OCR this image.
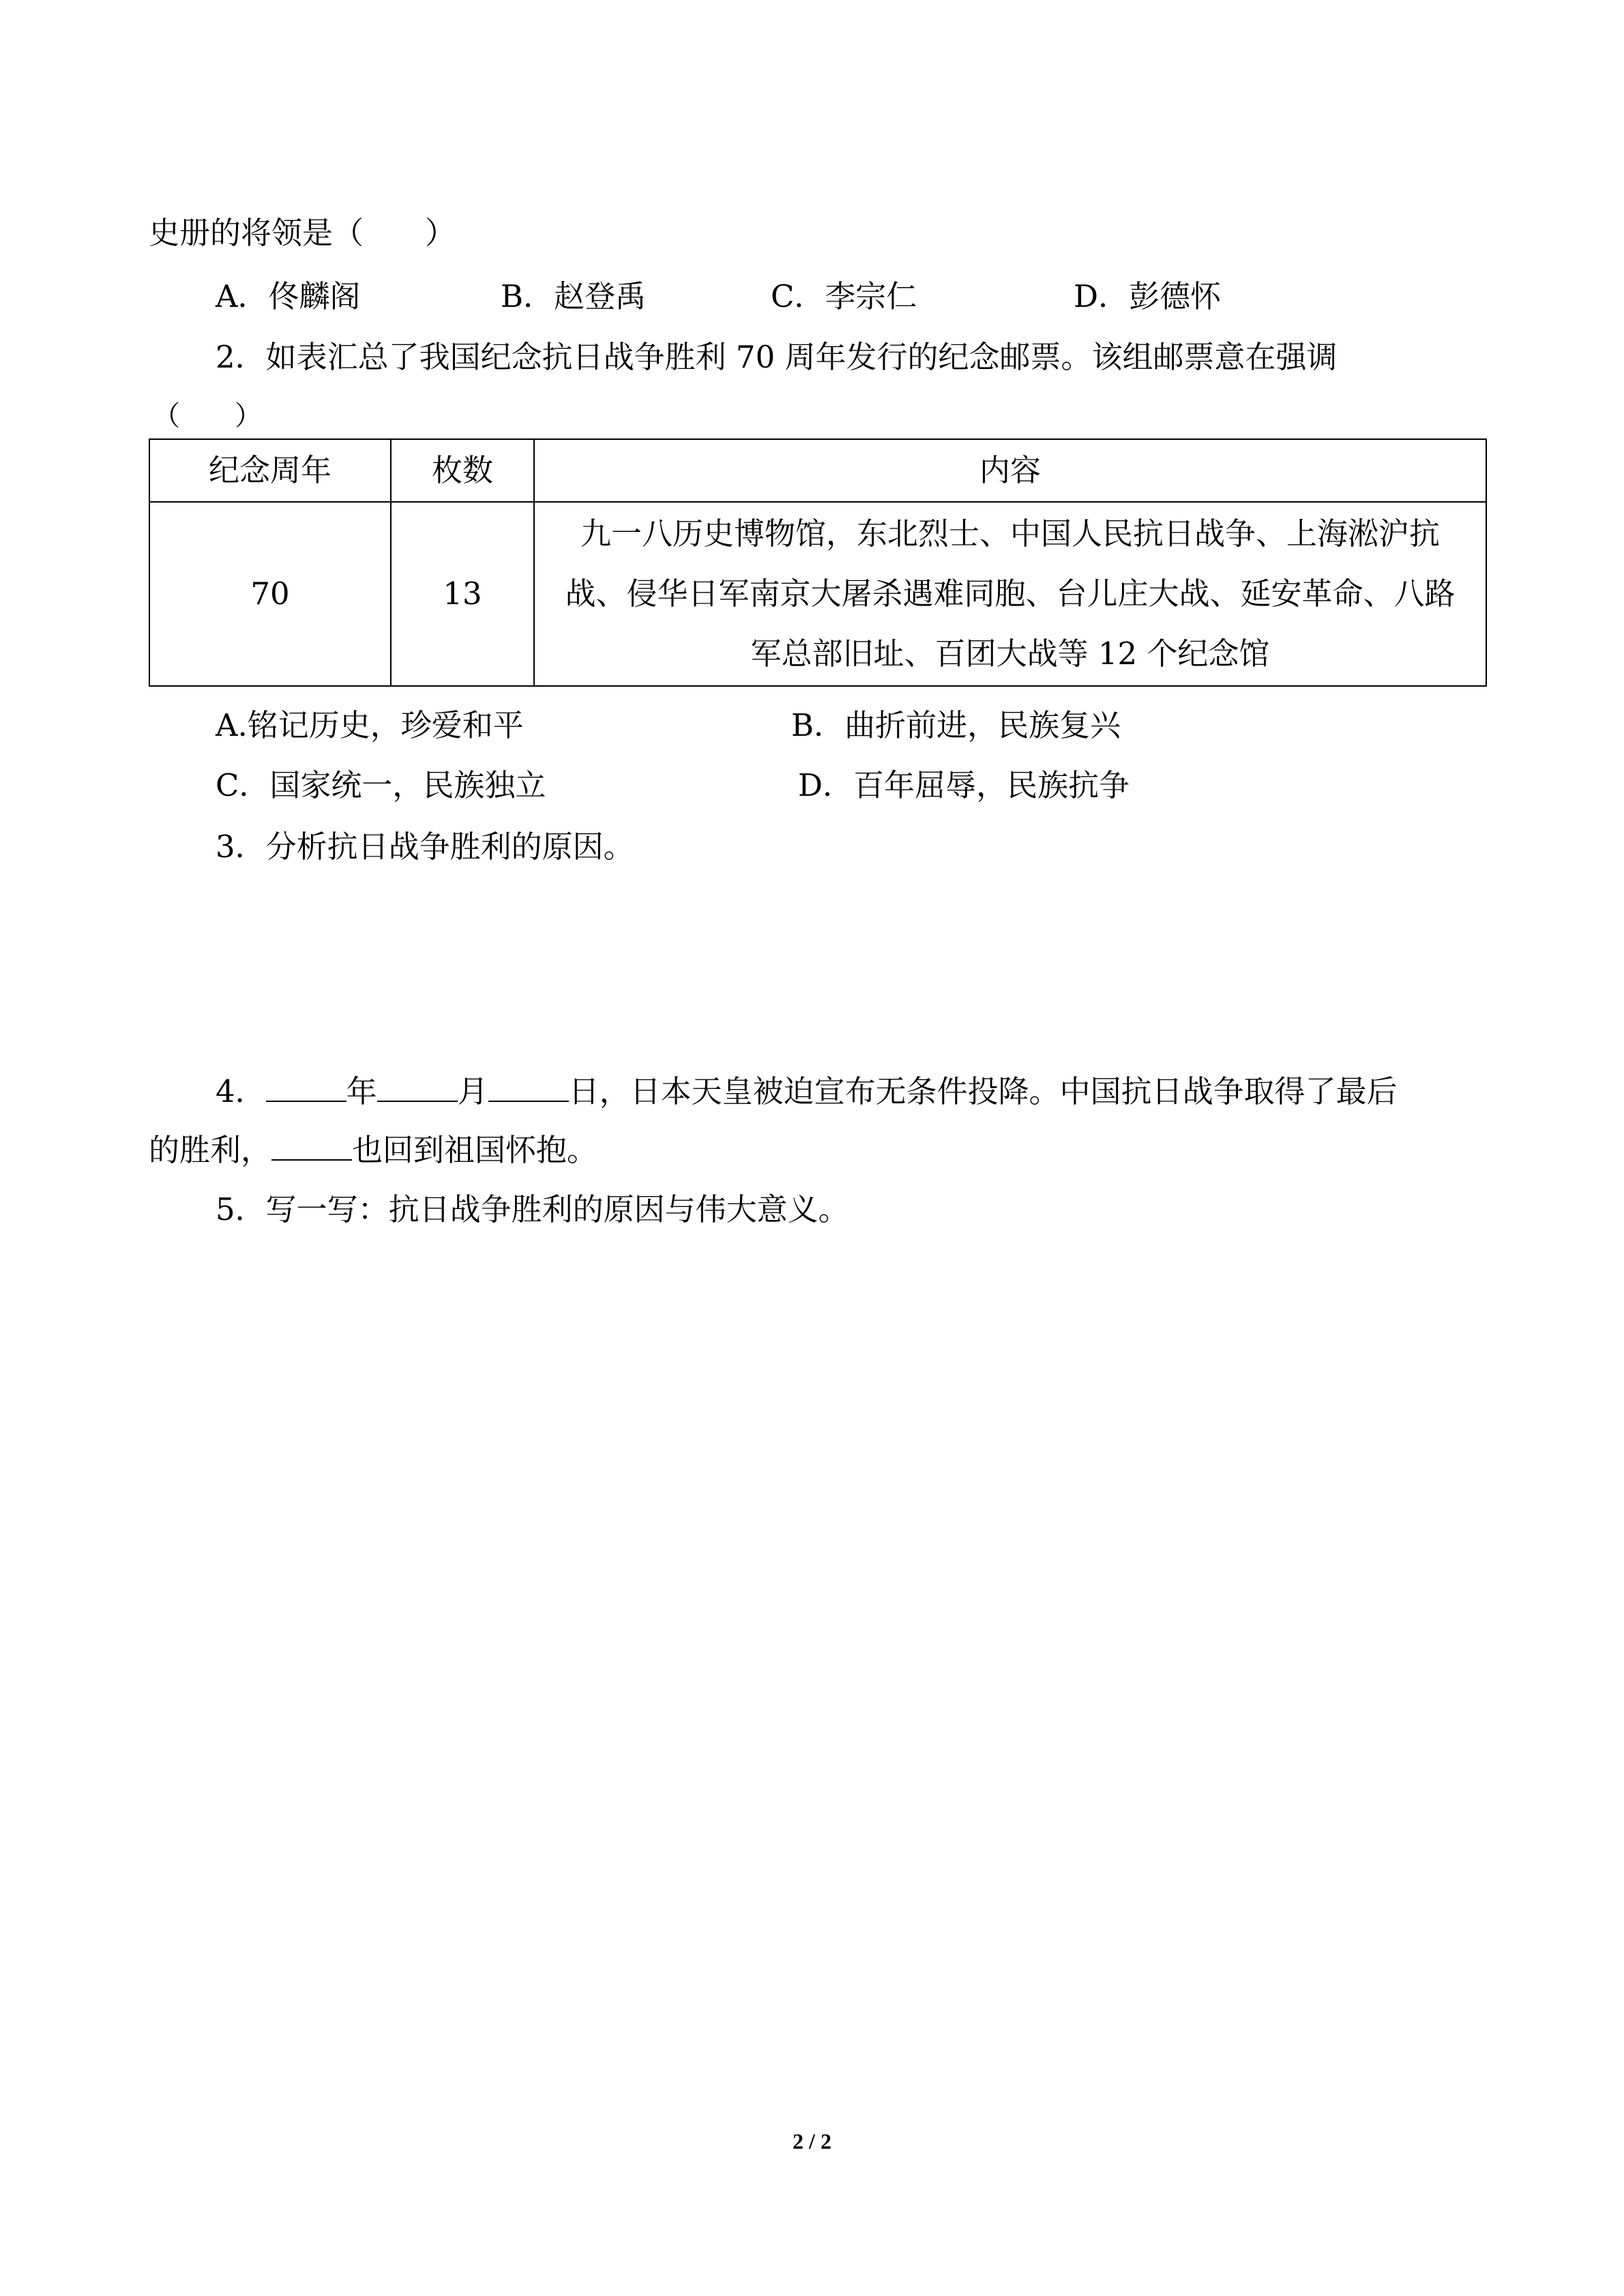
史册的将领是（　　）
A．佟麟阁	B．赵登禹	C．李宗仁	D．彭德怀
2．如表汇总了我国纪念抗日战争胜利 70 周年发行的纪念邮票。该组邮票意在强调
（　　）
纪念周年	枚数	内容
70	13	九一八历史博物馆，东北烈士、中国人民抗日战争、上海淞沪抗
战、侵华日军南京大屠杀遇难同胞、台儿庄大战、延安革命、八路
军总部旧址、百团大战等 12 个纪念馆
A.铭记历史，珍爱和平	B．曲折前进，民族复兴
C．国家统一，民族独立	D．百年屈辱，民族抗争
3．分析抗日战争胜利的原因。
4．	年	月	日，日本天皇被迫宣布无条件投降。中国抗日战争取得了最后
的胜利，	也回到祖国怀抱。
5．写一写：抗日战争胜利的原因与伟大意义。
2 / 2
